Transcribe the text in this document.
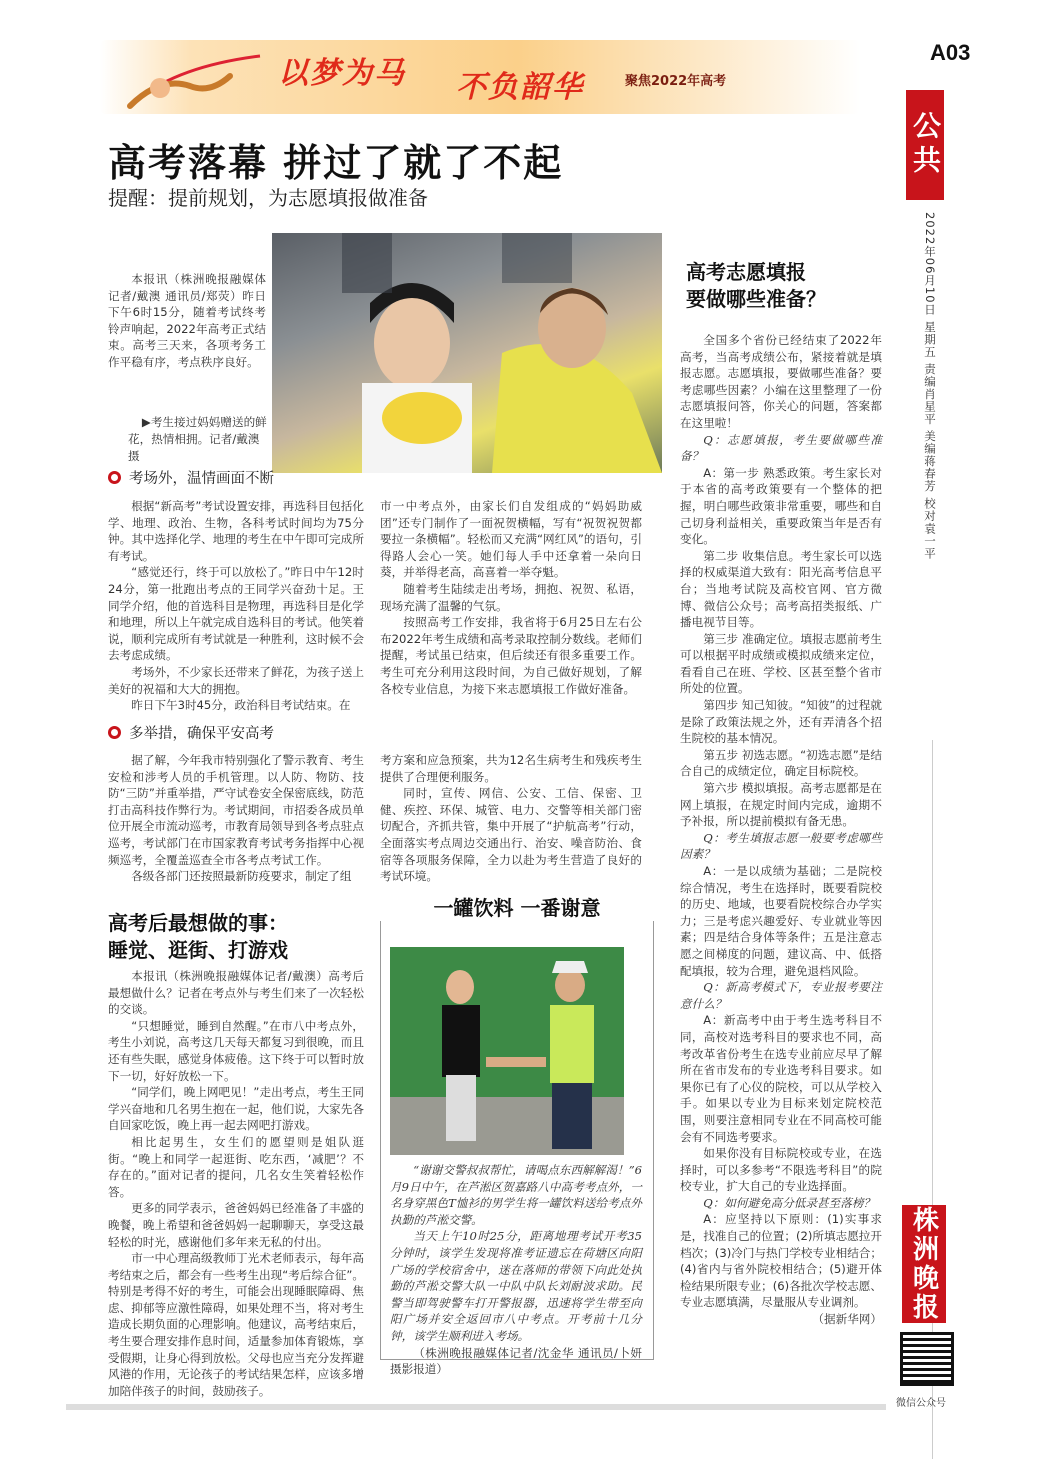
以梦为马 不负韶华	聚焦2022年高考
A03
公共
2022年06月10日 星期五 责编肖星平 美编蒋春芳 校对袁一平
株洲晚报
微信公众号
高考落幕 拼过了就了不起
提醒：提前规划，为志愿填报做准备

本报讯（株洲晚报融媒体记者/戴澳 通讯员/郑荧）昨日下午6时15分，随着考试终考铃声响起，2022年高考正式结束。高考三天来，各项考务工作平稳有序，考点秩序良好。

▶考生接过妈妈赠送的鲜花，热情相拥。记者/戴澳 摄
考场外，温情画面不断

根据“新高考”考试设置安排，再选科目包括化学、地理、政治、生物，各科考试时间均为75分钟。其中选择化学、地理的考生在中午即可完成所有考试。

“感觉还行，终于可以放松了。”昨日中午12时24分，第一批跑出考点的王同学兴奋劲十足。王同学介绍，他的首选科目是物理，再选科目是化学和地理，所以上午就完成自选科目的考试。他笑着说，顺利完成所有考试就是一种胜利，这时候不会去考虑成绩。

考场外，不少家长还带来了鲜花，为孩子送上美好的祝福和大大的拥抱。

昨日下午3时45分，政治科目考试结束。在

市一中考点外，由家长们自发组成的“妈妈助威团”还专门制作了一面祝贺横幅，写有“祝贺祝贺都要拉一条横幅”。轻松而又充满“网红风”的语句，引得路人会心一笑。她们每人手中还拿着一朵向日葵，并举得老高，高喜着一举夺魁。

随着考生陆续走出考场，拥抱、祝贺、私语，现场充满了温馨的气氛。

按照高考工作安排，我省将于6月25日左右公布2022年考生成绩和高考录取控制分数线。老师们提醒，考试虽已结束，但后续还有很多重要工作。考生可充分利用这段时间，为自己做好规划，了解各校专业信息，为接下来志愿填报工作做好准备。

多举措，确保平安高考

据了解，今年我市特别强化了警示教育、考生安检和涉考人员的手机管理。以人防、物防、技防“三防”并重举措，严守试卷安全保密底线，防范打击高科技作弊行为。考试期间，市招委各成员单位开展全市流动巡考，市教育局领导到各考点驻点巡考，考试部门在市国家教育考试考务指挥中心视频巡考，全覆盖巡查全市各考点考试工作。

各级各部门还按照最新防疫要求，制定了组

考方案和应急预案，共为12名生病考生和残疾考生提供了合理便利服务。

同时，宣传、网信、公安、工信、保密、卫健、疾控、环保、城管、电力、交警等相关部门密切配合，齐抓共管，集中开展了“护航高考”行动，全面落实考点周边交通出行、治安、噪音防治、食宿等各项服务保障，全力以赴为考生营造了良好的考试环境。

高考后最想做的事：
睡觉、逛街、打游戏

本报讯（株洲晚报融媒体记者/戴澳）高考后最想做什么？记者在考点外与考生们来了一次轻松的交谈。

“只想睡觉，睡到自然醒。”在市八中考点外，考生小刘说，高考这几天每天都复习到很晚，而且还有些失眠，感觉身体疲倦。这下终于可以暂时放下一切，好好放松一下。

“同学们，晚上网吧见！”走出考点，考生王同学兴奋地和几名男生抱在一起，他们说，大家先各自回家吃饭，晚上再一起去网吧打游戏。

相比起男生，女生们的愿望则是姐队逛街。“晚上和同学一起逛街、吃东西，‘减肥’？不存在的。”面对记者的提问，几名女生笑着轻松作答。

更多的同学表示，爸爸妈妈已经准备了丰盛的晚餐，晚上希望和爸爸妈妈一起聊聊天，享受这最轻松的时光，感谢他们多年来无私的付出。

市一中心理高级教师丁光术老师表示，每年高考结束之后，都会有一些考生出现“考后综合征”。特别是考得不好的考生，可能会出现睡眠障碍、焦虑、抑郁等应激性障碍，如果处理不当，将对考生造成长期负面的心理影响。他建议，高考结束后，考生要合理安排作息时间，适量参加体育锻炼，享受假期，让身心得到放松。父母也应当充分发挥避风港的作用，无论孩子的考试结果怎样，应该多增加陪伴孩子的时间，鼓励孩子。

一罐饮料 一番谢意

“谢谢交警叔叔帮忙，请喝点东西解解渴！”6月9日中午，在芦淞区贺嘉路八中高考考点外，一名身穿黑色T恤衫的男学生将一罐饮料送给考点外执勤的芦淞交警。

当天上午10时25分，距离地理考试开考35分钟时，该学生发现将准考证遗忘在荷塘区向阳广场的学校宿舍中，迷在落师的带领下向此处执勤的芦淞交警大队一中队中队长刘耐波求助。民警当即驾驶警车打开警报器，迅速将学生带至向阳广场并安全返回市八中考点。开考前十几分钟，该学生顺利进入考场。

（株洲晚报融媒体记者/沈金华 通讯员/卜妍 摄影报道）

高考志愿填报
要做哪些准备？

全国多个省份已经结束了2022年高考，当高考成绩公布，紧接着就是填报志愿。志愿填报，要做哪些准备？要考虑哪些因素？小编在这里整理了一份志愿填报问答，你关心的问题，答案都在这里啦！

Q：志愿填报，考生要做哪些准备？

A：第一步 熟悉政策。考生家长对于本省的高考政策要有一个整体的把握，明白哪些政策非常重要，哪些和自己切身利益相关，重要政策当年是否有变化。

第二步 收集信息。考生家长可以选择的权威渠道大致有：阳光高考信息平台；当地考试院及高校官网、官方微博、微信公众号；高考高招类报纸、广播电视节目等。

第三步 准确定位。填报志愿前考生可以根据平时成绩或模拟成绩来定位，看看自己在班、学校、区甚至整个省市所处的位置。

第四步 知己知彼。“知彼”的过程就是除了政策法规之外，还有弄清各个招生院校的基本情况。

第五步 初选志愿。“初选志愿”是结合自己的成绩定位，确定目标院校。

第六步 模拟填报。高考志愿都是在网上填报，在规定时间内完成，逾期不予补报，所以提前模拟有备无患。

Q：考生填报志愿一般要考虑哪些因素？

A：一是以成绩为基础；二是院校综合情况，考生在选择时，既要看院校的历史、地域，也要看院校综合办学实力；三是考虑兴趣爱好、专业就业等因素；四是结合身体等条件；五是注意志愿之间梯度的问题，建议高、中、低搭配填报，较为合理，避免退档风险。

Q：新高考模式下，专业报考要注意什么？

A：新高考中由于考生选考科目不同，高校对选考科目的要求也不同，高考改革省份考生在选专业前应尽早了解所在省市发布的专业选考科目要求。如果你已有了心仪的院校，可以从学校入手。如果以专业为目标来划定院校范围，则要注意相同专业在不同高校可能会有不同选考要求。

如果你没有目标院校或专业，在选择时，可以多参考“不限选考科目”的院校专业，扩大自己的专业选择面。

Q：如何避免高分低录甚至落榜？

A：应坚持以下原则：(1)实事求是，找准自己的位置；(2)所填志愿拉开档次；(3)冷门与热门学校专业相结合；(4)省内与省外院校相结合；(5)避开体检结果所限专业；(6)各批次学校志愿、专业志愿填满，尽量服从专业调剂。

（据新华网）
